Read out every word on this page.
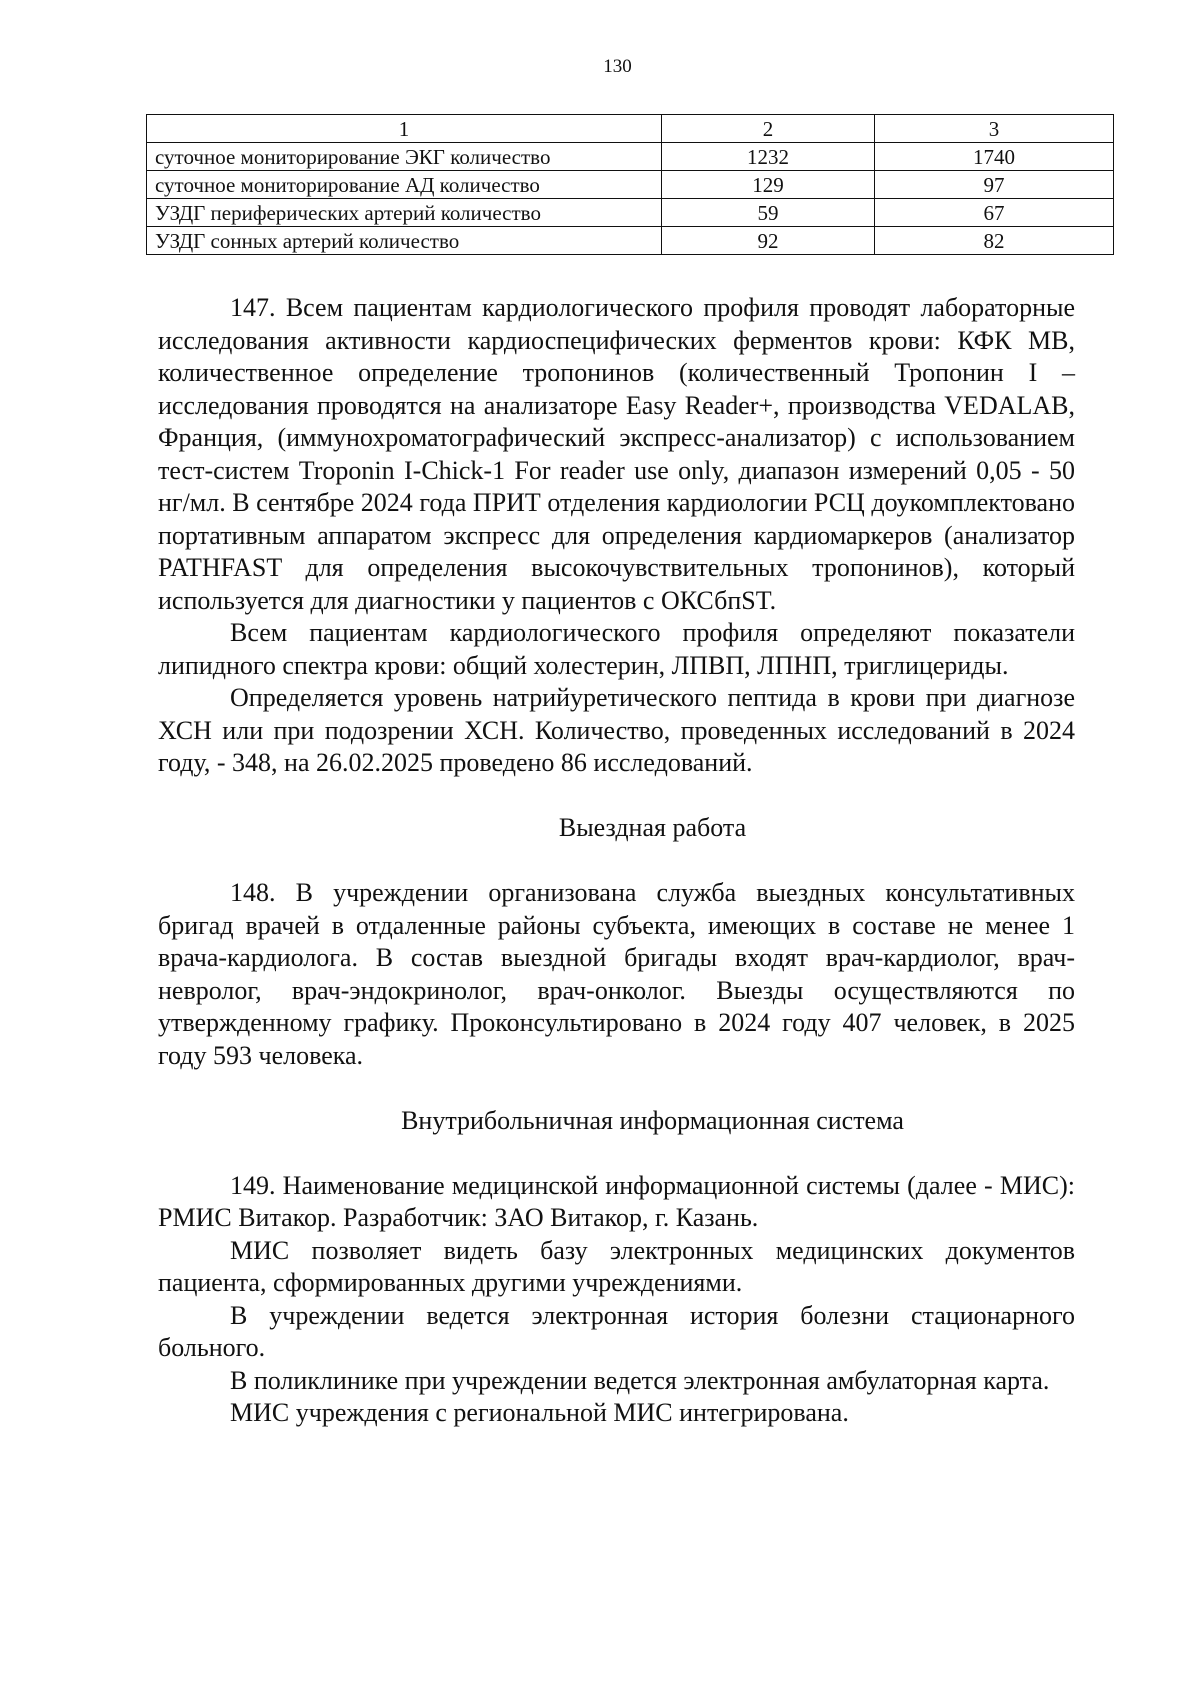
130
1	2	3
суточное мониторирование ЭКГ количество	1232	1740
суточное мониторирование АД количество	129	97
УЗДГ периферических артерий количество	59	67
УЗДГ сонных артерий количество	92	82

147. Всем пациентам кардиологического профиля проводят лабораторные исследования активности кардиоспецифических ферментов крови: КФК МВ, количественное определение тропонинов (количественный Тропонин I – исследования проводятся на анализаторе Easy Reader+, производства VEDALAB, Франция, (иммунохроматографический экспресс-анализатор) с использованием тест-систем Troponin I-Chick-1 For reader use only, диапазон измерений 0,05 - 50 нг/мл. В сентябре 2024 года ПРИТ отделения кардиологии РСЦ доукомплектовано портативным аппаратом экспресс для определения кардиомаркеров (анализатор PATHFAST для определения высокочувствительных тропонинов), который используется для диагностики у пациентов с ОКСбпST.

Всем пациентам кардиологического профиля определяют показатели липидного спектра крови: общий холестерин, ЛПВП, ЛПНП, триглицериды.

Определяется уровень натрийуретического пептида в крови при диагнозе ХСН или при подозрении ХСН. Количество, проведенных исследований в 2024 году, - 348, на 26.02.2025 проведено 86 исследований.

Выездная работа

148. В учреждении организована служба выездных консультативных бригад врачей в отдаленные районы субъекта, имеющих в составе не менее 1 врача-кардиолога. В состав выездной бригады входят врач-кардиолог, врач-невролог, врач-эндокринолог, врач-онколог. Выезды осуществляются по утвержденному графику. Проконсультировано в 2024 году 407 человек, в 2025 году 593 человека.

Внутрибольничная информационная система

149. Наименование медицинской информационной системы (далее - МИС): РМИС Витакор. Разработчик: ЗАО Витакор, г. Казань.

МИС позволяет видеть базу электронных медицинских документов пациента, сформированных другими учреждениями.

В учреждении ведется электронная история болезни стационарного больного.

В поликлинике при учреждении ведется электронная амбулаторная карта.

МИС учреждения с региональной МИС интегрирована.
